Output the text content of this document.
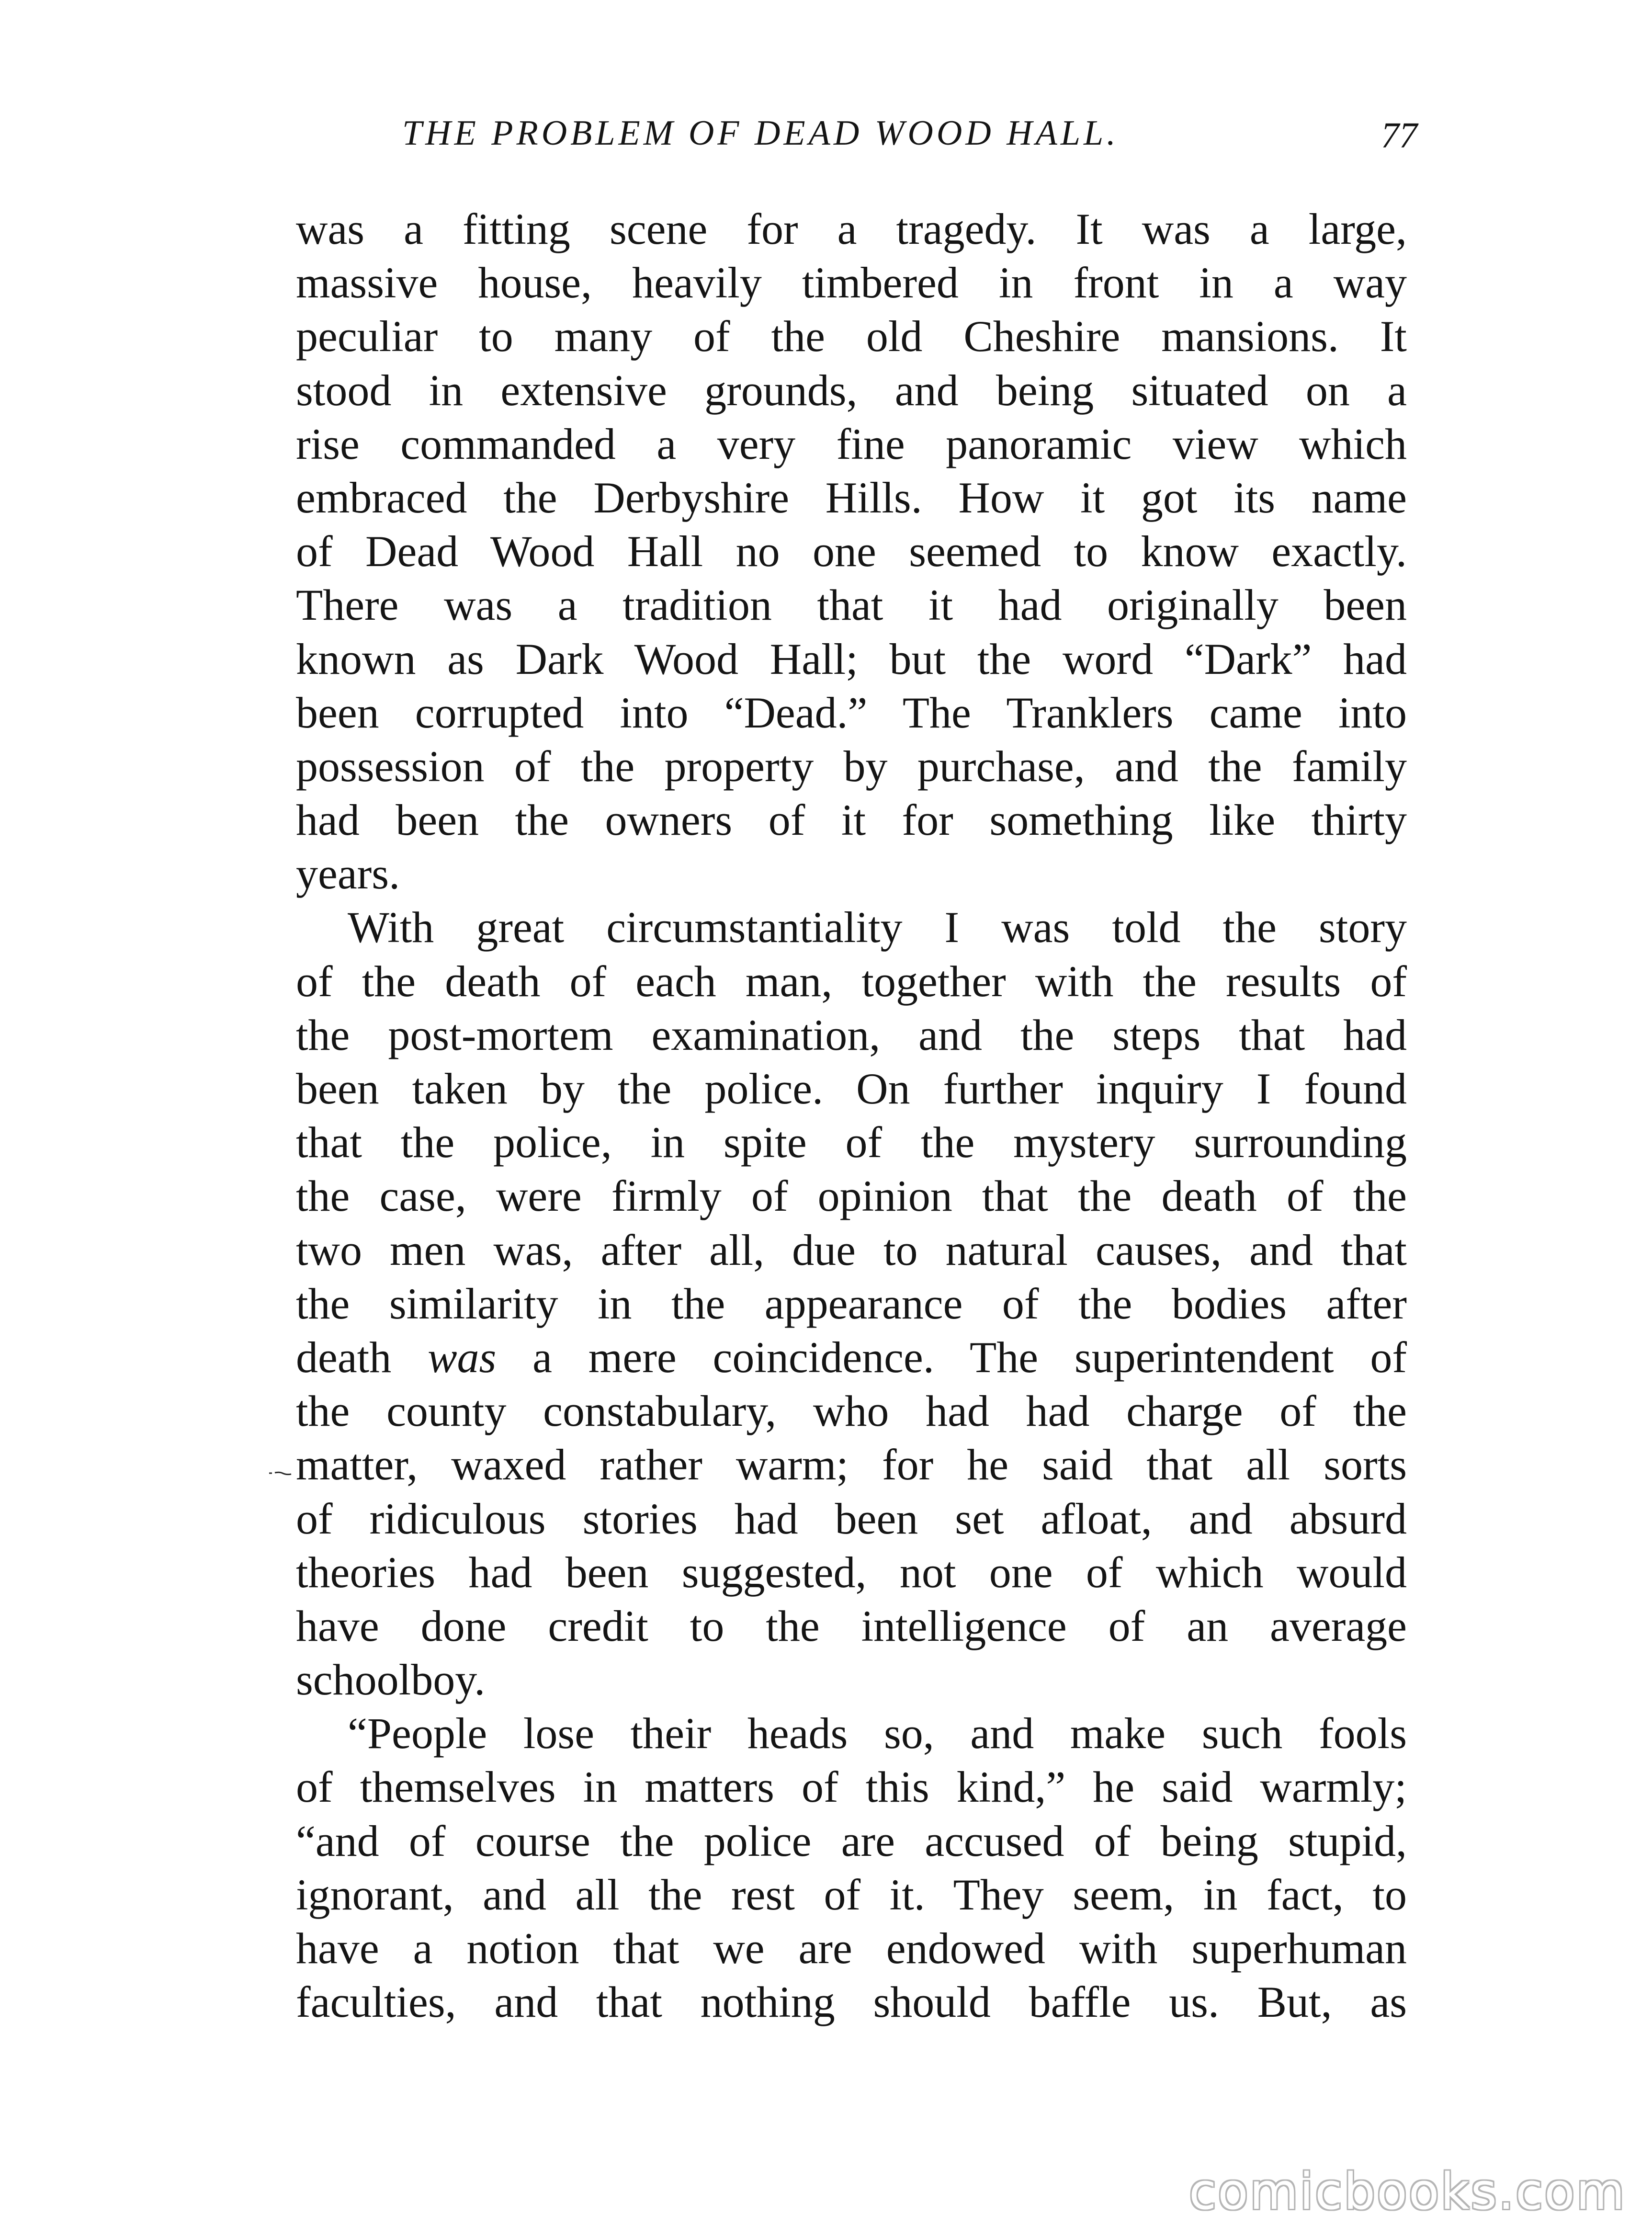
THE PROBLEM OF DEAD WOOD HALL.	77
was a fitting scene for a tragedy. It was a large,
massive house, heavily timbered in front in a way
peculiar to many of the old Cheshire mansions. It
stood in extensive grounds, and being situated on a
rise commanded a very fine panoramic view which
embraced the Derbyshire Hills. How it got its name
of Dead Wood Hall no one seemed to know exactly.
There was a tradition that it had originally been
known as Dark Wood Hall; but the word “Dark” had
been corrupted into “Dead.” The Tranklers came into
possession of the property by purchase, and the family
had been the owners of it for something like thirty
years.
With great circumstantiality I was told the story
of the death of each man, together with the results of
the post-mortem examination, and the steps that had
been taken by the police. On further inquiry I found
that the police, in spite of the mystery surrounding
the case, were firmly of opinion that the death of the
two men was, after all, due to natural causes, and that
the similarity in the appearance of the bodies after
death was a mere coincidence. The superintendent of
the county constabulary, who had had charge of the
matter, waxed rather warm; for he said that all sorts
of ridiculous stories had been set afloat, and absurd
theories had been suggested, not one of which would
have done credit to the intelligence of an average
schoolboy.
“People lose their heads so, and make such fools
of themselves in matters of this kind,” he said warmly;
“and of course the police are accused of being stupid,
ignorant, and all the rest of it. They seem, in fact, to
have a notion that we are endowed with superhuman
faculties, and that nothing should baffle us. But, as
comicbooks.com
